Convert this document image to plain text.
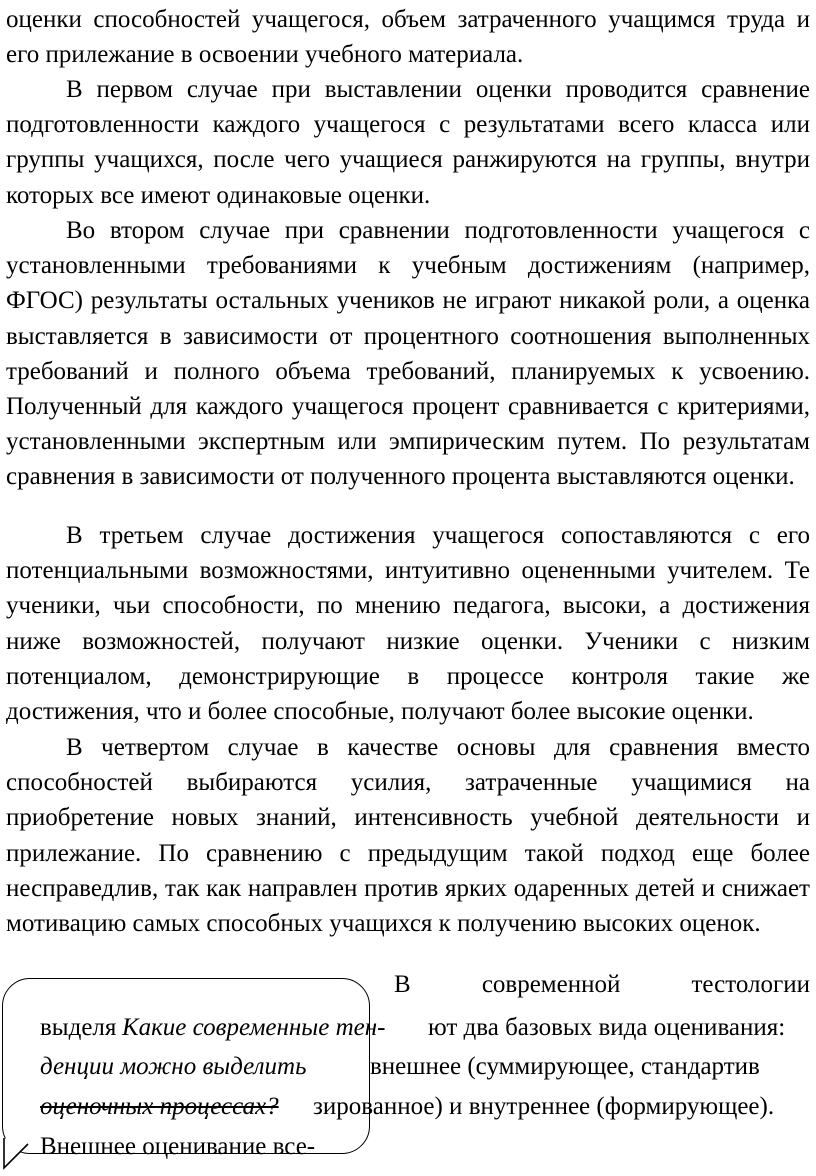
оценки способностей учащегося, объем затраченного учащимся труда и его прилежание в освоении учебного материала.

В первом случае при выставлении оценки проводится сравнение подготовленности каждого учащегося с результатами всего класса или группы учащихся, после чего учащиеся ранжируются на группы, внутри которых все имеют одинаковые оценки.

Во втором случае при сравнении подготовленности учащегося с установленными требованиями к учебным достижениям (например, ФГОС) результаты остальных учеников не играют никакой роли, а оценка выставляется в зависимости от процентного соотношения выполненных требований и полного объема требований, планируемых к усвоению. Полученный для каждого учащегося процент сравнивается с критериями, установленными экспертным или эмпирическим путем. По результатам сравнения в зависимости от полученного процента выставляются оценки.

В третьем случае достижения учащегося сопоставляются с его потенциальными возможностями, интуитивно оцененными учителем. Те ученики, чьи способности, по мнению педагога, высоки, а достижения ниже возможностей, получают низкие оценки. Ученики с низким потенциалом, демонстрирующие в процессе контроля такие же достижения, что и более способные, получают более высокие оценки.

В четвертом случае в качестве основы для сравнения вместо способностей выбираются усилия, затраченные учащимися на приобретение новых знаний, интенсивность учебной деятельности и прилежание. По сравнению с предыдущим такой подход еще более несправедлив, так как направлен против ярких одаренных детей и снижает мотивацию самых способных учащихся к получению высоких оценок.

В	современной	тестологии
выделя Какие современные тен- ют два базовых вида оценивания:
денции можно выделить	внешнее (суммирующее, стандартив
оценочных процессах? зированное) и внутреннее (формирующее).
Внешнее оценивание все-
